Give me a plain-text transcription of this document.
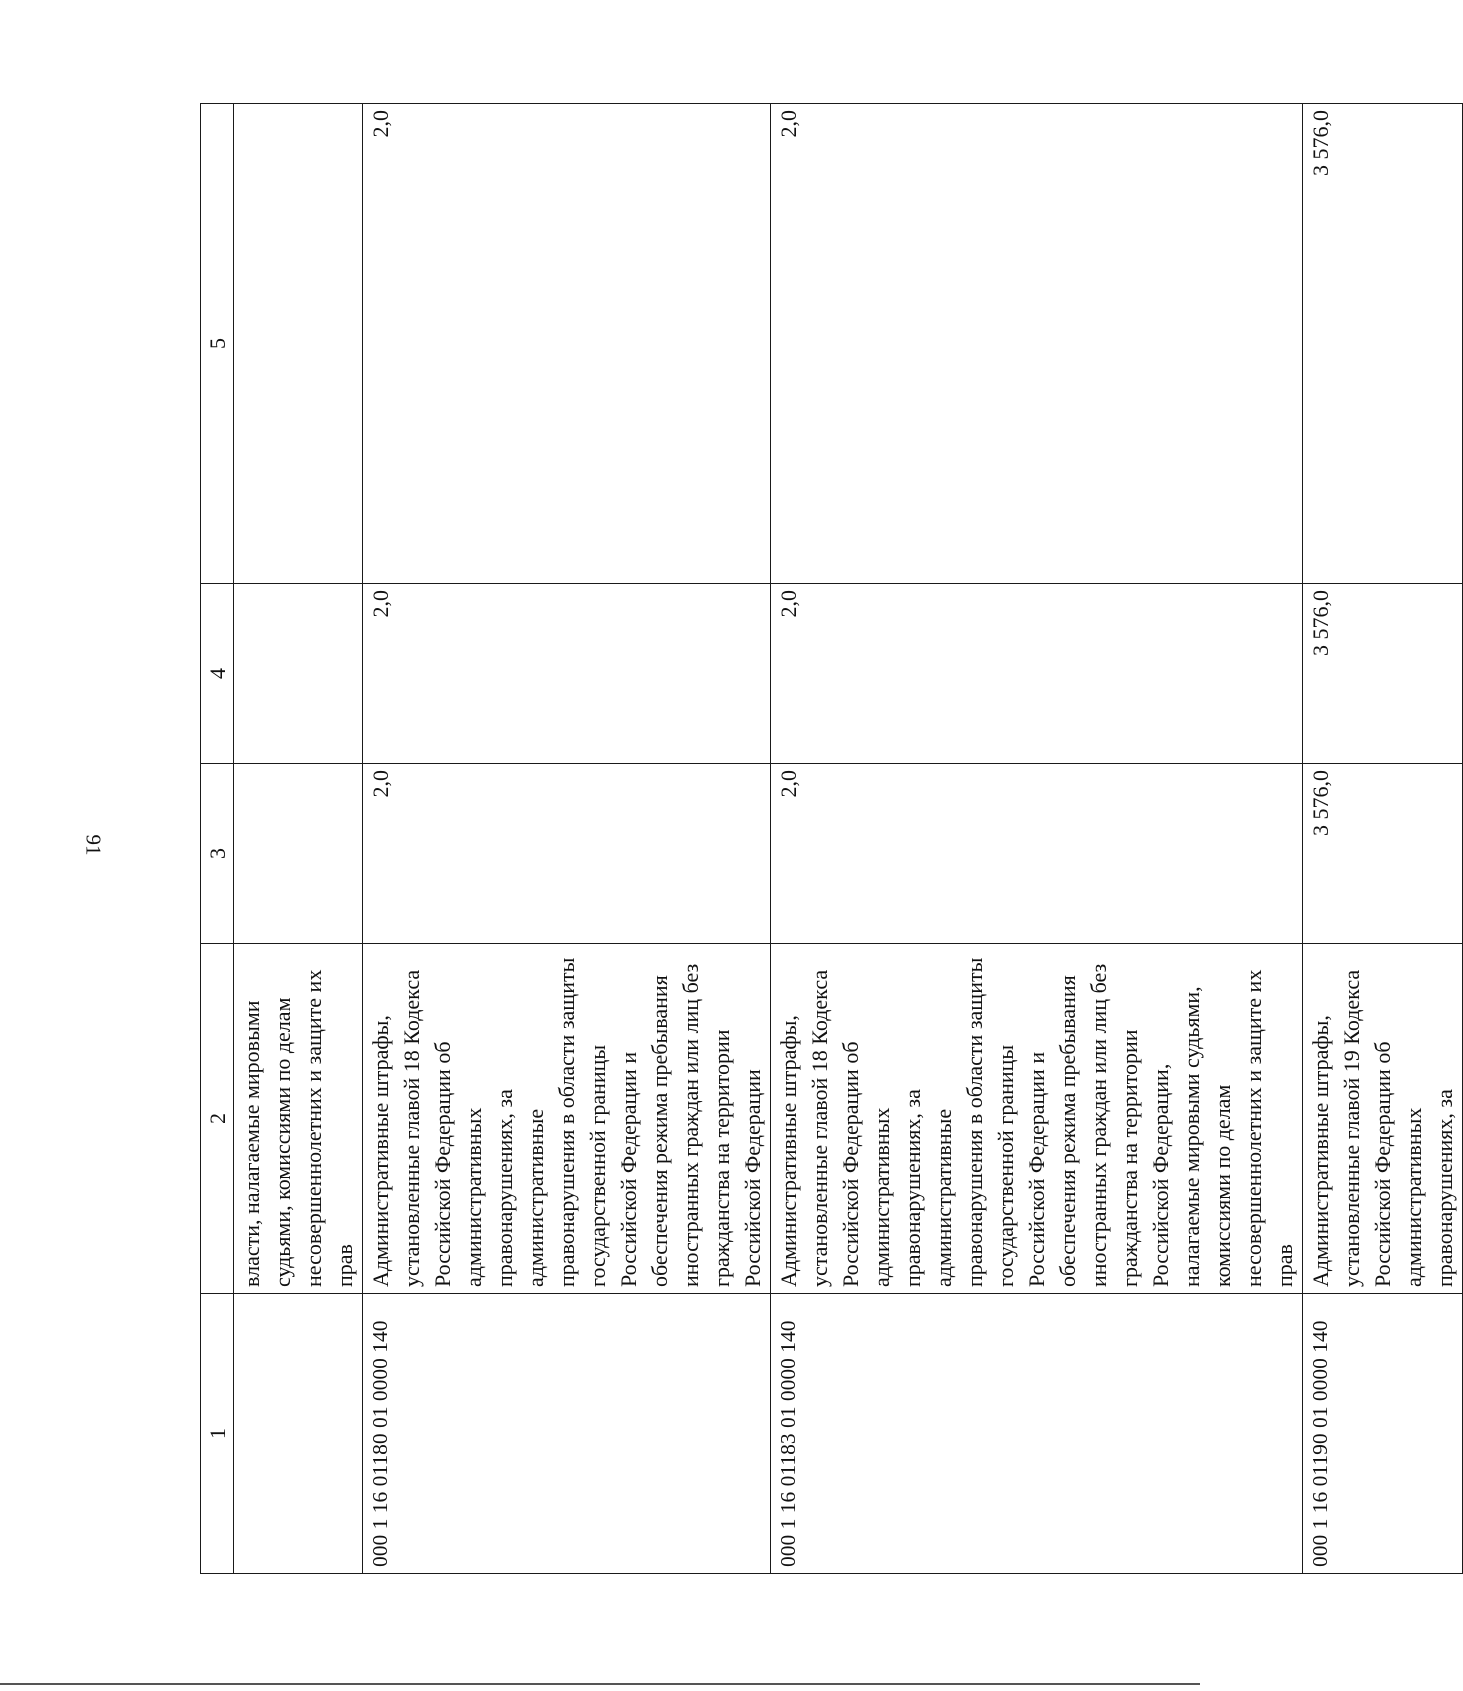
91
1	2	3	4	5
	власти, налагаемые мировыми судьями, комиссиями по делам несовершеннолетних и защите их прав			
000 1 16 01180 01 0000 140	Административные штрафы, установленные главой 18 Кодекса Российской Федерации об административных правонарушениях, за административные правонарушения в области защиты государственной границы Российской Федерации и обеспечения режима пребывания иностранных граждан или лиц без гражданства на территории Российской Федерации	2,0	2,0	2,0
000 1 16 01183 01 0000 140	Административные штрафы, установленные главой 18 Кодекса Российской Федерации об административных правонарушениях, за административные правонарушения в области защиты государственной границы Российской Федерации и обеспечения режима пребывания иностранных граждан или лиц без гражданства на территории Российской Федерации, налагаемые мировыми судьями, комиссиями по делам несовершеннолетних и защите их прав	2,0	2,0	2,0
000 1 16 01190 01 0000 140	Административные штрафы, установленные главой 19 Кодекса Российской Федерации об административных правонарушениях, за	3 576,0	3 576,0	3 576,0
